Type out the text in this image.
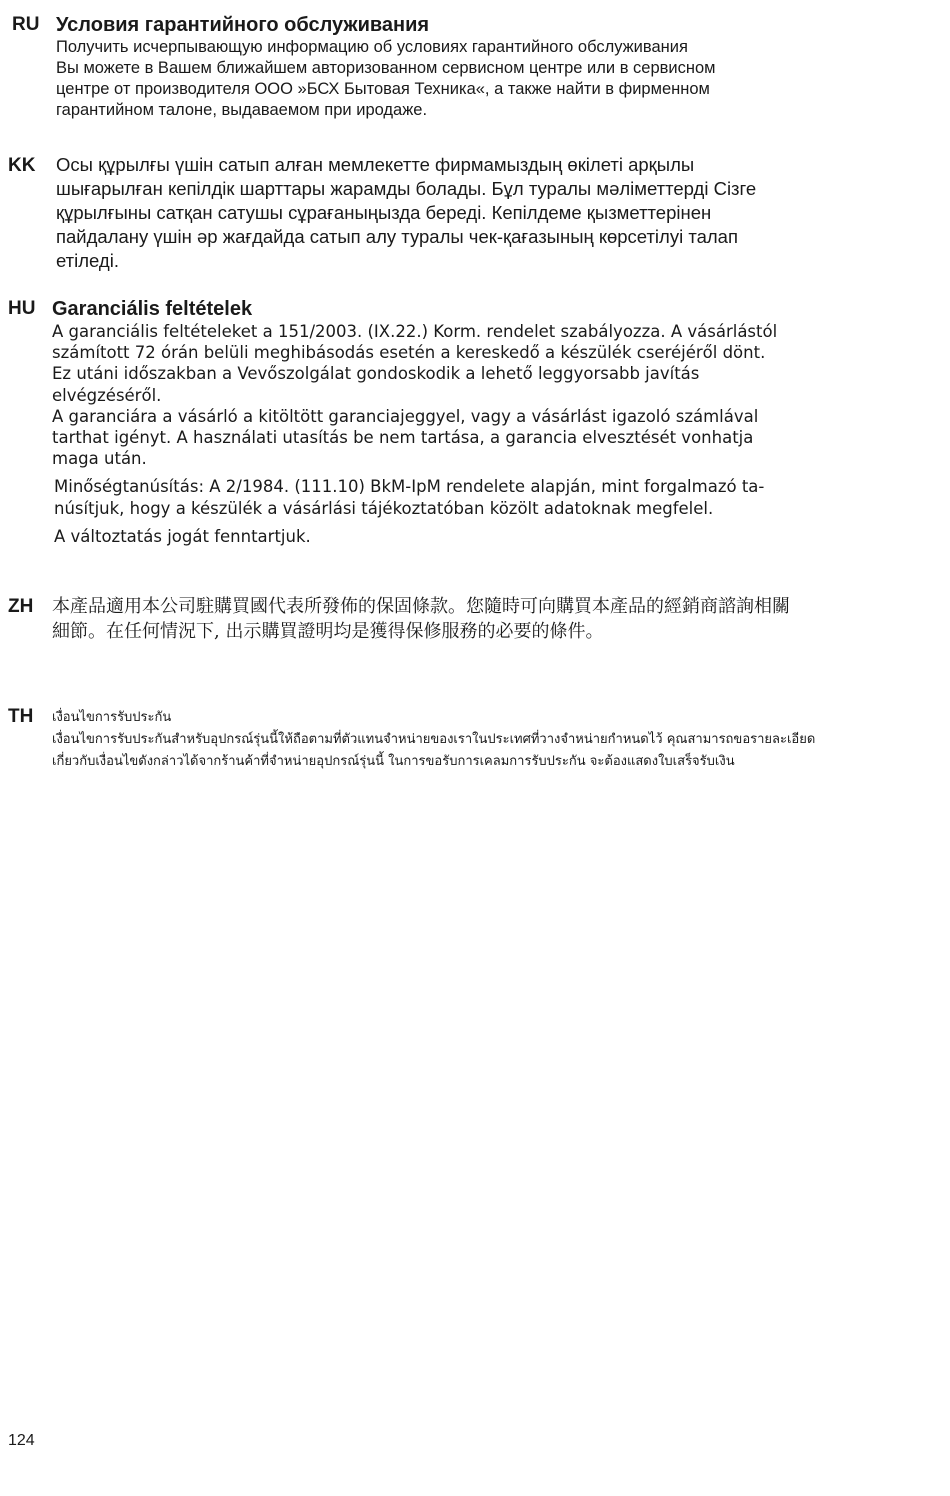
RU Условия гарантийного обслуживания
Получить исчерпывающую информацию об условиях гарантийного обслуживания
Вы можете в Вашем ближайшем авторизованном сервисном центре или в сервисном
центре от производителя ООО »БСХ Бытовая Техника«, а также найти в фирменном
гарантийном талоне, выдаваемом при иродаже.
KK Осы құрылғы үшін сатып алған мемлекетте фирмамыздың өкілеті арқылы
шығарылған кепілдік шарттары жарамды болады. Бұл туралы мәліметтерді Сізге
құрылғыны сатқан сатушы сұрағаныңызда береді. Кепілдеме қызметтерінен
пайдалану үшін әр жағдайда сатып алу туралы чек-қағазының көрсетілуі талап
етіледі.
HU Garanciális feltételek
A garanciális feltételeket a 151/2003. (IX.22.) Korm. rendelet szabályozza. A vásárlástól
számított 72 órán belüli meghibásodás esetén a kereskedő a készülék cseréjéről dönt.
Ez utáni időszakban a Vevőszolgálat gondoskodik a lehető leggyorsabb javítás
elvégzéséről.
A garanciára a vásárló a kitöltött garanciajeggyel, vagy a vásárlást igazoló számlával
tarthat igényt. A használati utasítás be nem tartása, a garancia elvesztését vonhatja
maga után.
Minőségtanúsítás: A 2/1984. (111.10) BkM-IpM rendelete alapján, mint forgalmazó ta-
núsítjuk, hogy a készülék a vásárlási tájékoztatóban közölt adatoknak megfelel.
A változtatás jogát fenntartjuk.
ZH 本產品適用本公司駐購買國代表所發佈的保固條款。您隨時可向購買本產品的經銷商諮詢相關
細節。在任何情況下, 出示購買證明均是獲得保修服務的必要的條件。
TH เงื่อนไขการรับประกัน
เงื่อนไขการรับประกันสำหรับอุปกรณ์รุ่นนี้ให้ถือตามที่ตัวแทนจำหน่ายของเราในประเทศที่วางจำหน่ายกำหนดไว้ คุณสามารถขอรายละเอียด
เกี่ยวกับเงื่อนไขดังกล่าวได้จากร้านค้าที่จำหน่ายอุปกรณ์รุ่นนี้ ในการขอรับการเคลมการรับประกัน จะต้องแสดงใบเสร็จรับเงิน
124
